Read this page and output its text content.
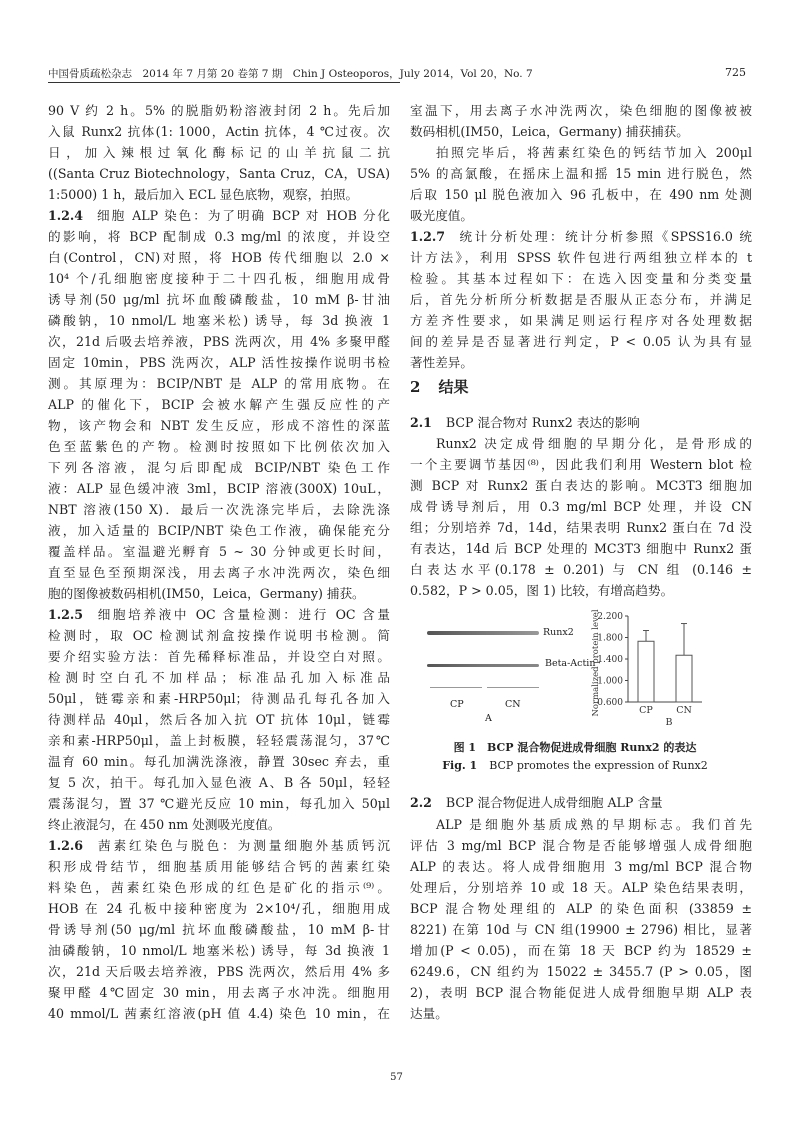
中国骨质疏松杂志　2014 年 7 月第 20 卷第 7 期　Chin J Osteoporos，July 2014，Vol 20，No. 7	725
90 V 约 2 h。5% 的脱脂奶粉溶液封闭 2 h。先后加
入鼠 Runx2 抗体(1: 1000，Actin 抗体，4 ℃过夜。次
日，加入辣根过氧化酶标记的山羊抗鼠二抗
((Santa Cruz Biotechnology，Santa Cruz，CA，USA)
1:5000) 1 h，最后加入 ECL 显色底物，观察，拍照。
1.2.4 细胞 ALP 染色：为了明确 BCP 对 HOB 分化
的影响，将 BCP 配制成 0.3 mg/ml 的浓度，并设空
白(Control，CN)对照，将 HOB 传代细胞以 2.0 ×
10⁴ 个/孔细胞密度接种于二十四孔板，细胞用成骨
诱导剂(50 μg/ml 抗坏血酸磷酸盐，10 mM β-甘油
磷酸钠，10 nmol/L 地塞米松) 诱导，每 3d 换液 1
次，21d 后吸去培养液，PBS 洗两次，用 4% 多聚甲醛
固定 10min，PBS 洗两次，ALP 活性按操作说明书检
测。其原理为：BCIP/NBT 是 ALP 的常用底物。在
ALP 的催化下，BCIP 会被水解产生强反应性的产
物，该产物会和 NBT 发生反应，形成不溶性的深蓝
色至蓝紫色的产物。检测时按照如下比例依次加入
下列各溶液，混匀后即配成 BCIP/NBT 染色工作
液：ALP 显色缓冲液 3ml，BCIP 溶液(300X) 10uL，
NBT 溶液(150 X)．最后一次洗涤完毕后，去除洗涤
液，加入适量的 BCIP/NBT 染色工作液，确保能充分
覆盖样品。室温避光孵育 5 ~ 30 分钟或更长时间，
直至显色至预期深浅，用去离子水冲洗两次，染色细
胞的图像被数码相机(IM50，Leica，Germany) 捕获。
1.2.5 细胞培养液中 OC 含量检测：进行 OC 含量
检测时，取 OC 检测试剂盒按操作说明书检测。简
要介绍实验方法：首先稀释标准品，并设空白对照。
检测时空白孔不加样品；标准品孔加入标准品
50μl，链霉亲和素-HRP50μl；待测品孔每孔各加入
待测样品 40μl，然后各加入抗 OT 抗体 10μl，链霉
亲和素-HRP50μl，盖上封板膜，轻轻震荡混匀，37℃
温育 60 min。每孔加满洗涤液，静置 30sec 弃去，重
复 5 次，拍干。每孔加入显色液 A、B 各 50μl，轻轻
震荡混匀，置 37 ℃避光反应 10 min，每孔加入 50μl
终止液混匀，在 450 nm 处测吸光度值。
1.2.6 茜素红染色与脱色：为测量细胞外基质钙沉
积形成骨结节，细胞基质用能够结合钙的茜素红染
料染色，茜素红染色形成的红色是矿化的指示⁽⁹⁾。
HOB 在 24 孔板中接种密度为 2×10⁴/孔，细胞用成
骨诱导剂(50 μg/ml 抗坏血酸磷酸盐，10 mM β-甘
油磷酸钠，10 nmol/L 地塞米松) 诱导，每 3d 换液 1
次，21d 天后吸去培养液，PBS 洗两次，然后用 4% 多
聚甲醛 4℃固定 30 min，用去离子水冲洗。细胞用
40 mmol/L 茜素红溶液(pH 值 4.4) 染色 10 min，在
室温下，用去离子水冲洗两次，染色细胞的图像被被
数码相机(IM50，Leica，Germany) 捕获捕获。
拍照完毕后，将茜素红染色的钙结节加入 200μl
5% 的高氯酸，在摇床上温和摇 15 min 进行脱色，然
后取 150 μl 脱色液加入 96 孔板中，在 490 nm 处测
吸光度值。
1.2.7 统计分析处理：统计分析参照《SPSS16.0 统
计方法》，利用 SPSS 软件包进行两组独立样本的 t
检验。其基本过程如下：在选入因变量和分类变量
后，首先分析所分析数据是否服从正态分布，并满足
方差齐性要求，如果满足则运行程序对各处理数据
间的差异是否显著进行判定，P < 0.05 认为具有显
著性差异。
2 结果
2.1 BCP 混合物对 Runx2 表达的影响
Runx2 决定成骨细胞的早期分化，是骨形成的
一个主要调节基因⁽⁸⁾，因此我们利用 Western blot 检
测 BCP 对 Runx2 蛋白表达的影响。MC3T3 细胞加
成骨诱导剂后，用 0.3 mg/ml BCP 处理，并设 CN
组；分别培养 7d，14d，结果表明 Runx2 蛋白在 7d 没
有表达，14d 后 BCP 处理的 MC3T3 细胞中 Runx2 蛋
白表达水平(0.178 ± 0.201) 与 CN 组 (0.146 ±
0.582，P > 0.05，图 1) 比较，有增高趋势。
2.2 BCP 混合物促进人成骨细胞 ALP 含量
ALP 是细胞外基质成熟的早期标志。我们首先
评估 3 mg/ml BCP 混合物是否能够增强人成骨细胞
ALP 的表达。将人成骨细胞用 3 mg/ml BCP 混合物
处理后，分别培养 10 或 18 天。ALP 染色结果表明，
BCP 混合物处理组的 ALP 的染色面积 (33859 ±
8221) 在第 10d 与 CN 组(19900 ± 2796) 相比，显著
增加(P < 0.05)，而在第 18 天 BCP 约为 18529 ±
6249.6，CN 组约为 15022 ± 3455.7 (P > 0.05，图
2)，表明 BCP 混合物能促进人成骨细胞早期 ALP 表
达量。
Runx2
Beta-Actin
CP	CN
A
2.200
1.800
1.400
1.000
0.600
CP CN
Normalized protein level
B
图 1　BCP 混合物促进成骨细胞 Runx2 的表达
Fig. 1 BCP promotes the expression of Runx2
57
